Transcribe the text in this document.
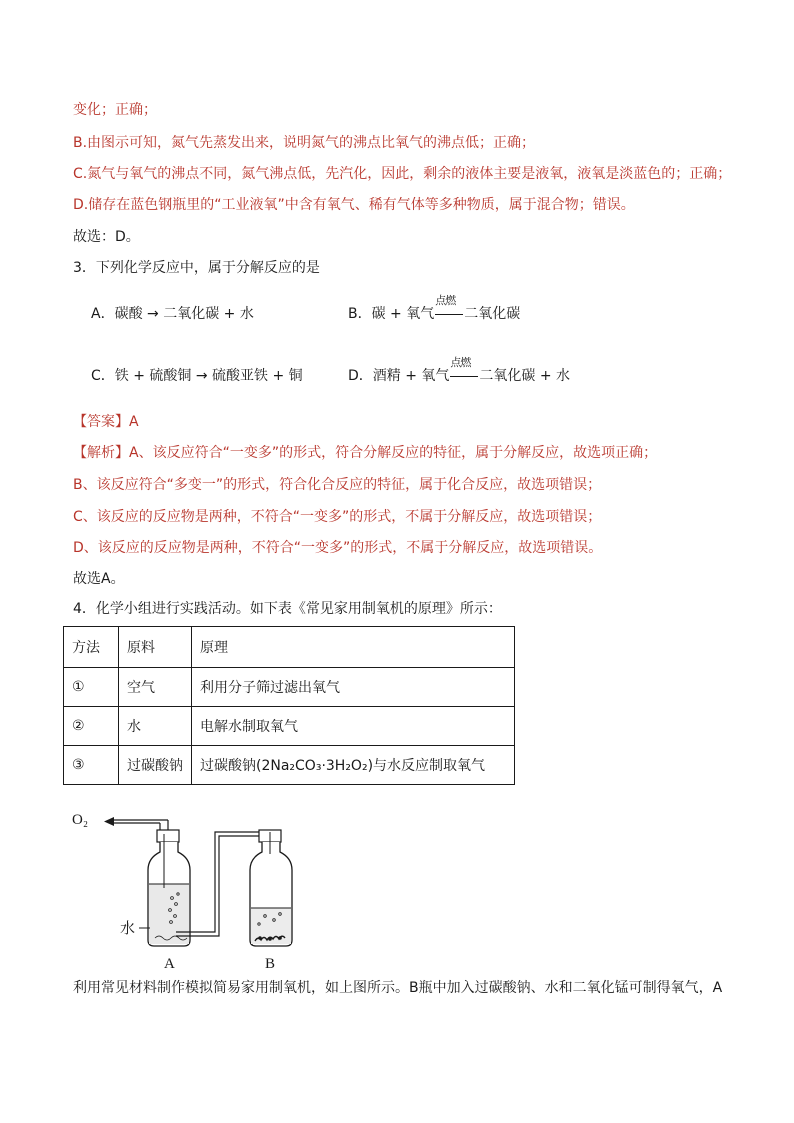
变化；正确；
B.由图示可知，氮气先蒸发出来，说明氮气的沸点比氧气的沸点低；正确；
C.氮气与氧气的沸点不同，氮气沸点低，先汽化，因此，剩余的液体主要是液氧，液氧是淡蓝色的；正确；
D.储存在蓝色钢瓶里的“工业液氧”中含有氧气、稀有气体等多种物质，属于混合物；错误。
故选：D。
3．下列化学反应中，属于分解反应的是
A．碳酸 → 二氧化碳 + 水	B．碳 + 氧气
点燃
二氧化碳
C．铁 + 硫酸铜 → 硫酸亚铁 + 铜	D．酒精 + 氧气
点燃
二氧化碳 + 水
【答案】A
【解析】A、该反应符合“一变多”的形式，符合分解反应的特征，属于分解反应，故选项正确；
B、该反应符合“多变一”的形式，符合化合反应的特征，属于化合反应，故选项错误；
C、该反应的反应物是两种，不符合“一变多”的形式，不属于分解反应，故选项错误；
D、该反应的反应物是两种，不符合“一变多”的形式，不属于分解反应，故选项错误。
故选A。
4．化学小组进行实践活动。如下表《常见家用制氧机的原理》所示：
方法	原料	原理
①	空气	利用分子筛过滤出氧气
②	水	电解水制取氧气
③	过碳酸钠	过碳酸钠(2Na₂CO₃·3H₂O₂)与水反应制取氧气
O₂
水
A	B
利用常见材料制作模拟简易家用制氧机，如上图所示。B瓶中加入过碳酸钠、水和二氧化锰可制得氧气，A
